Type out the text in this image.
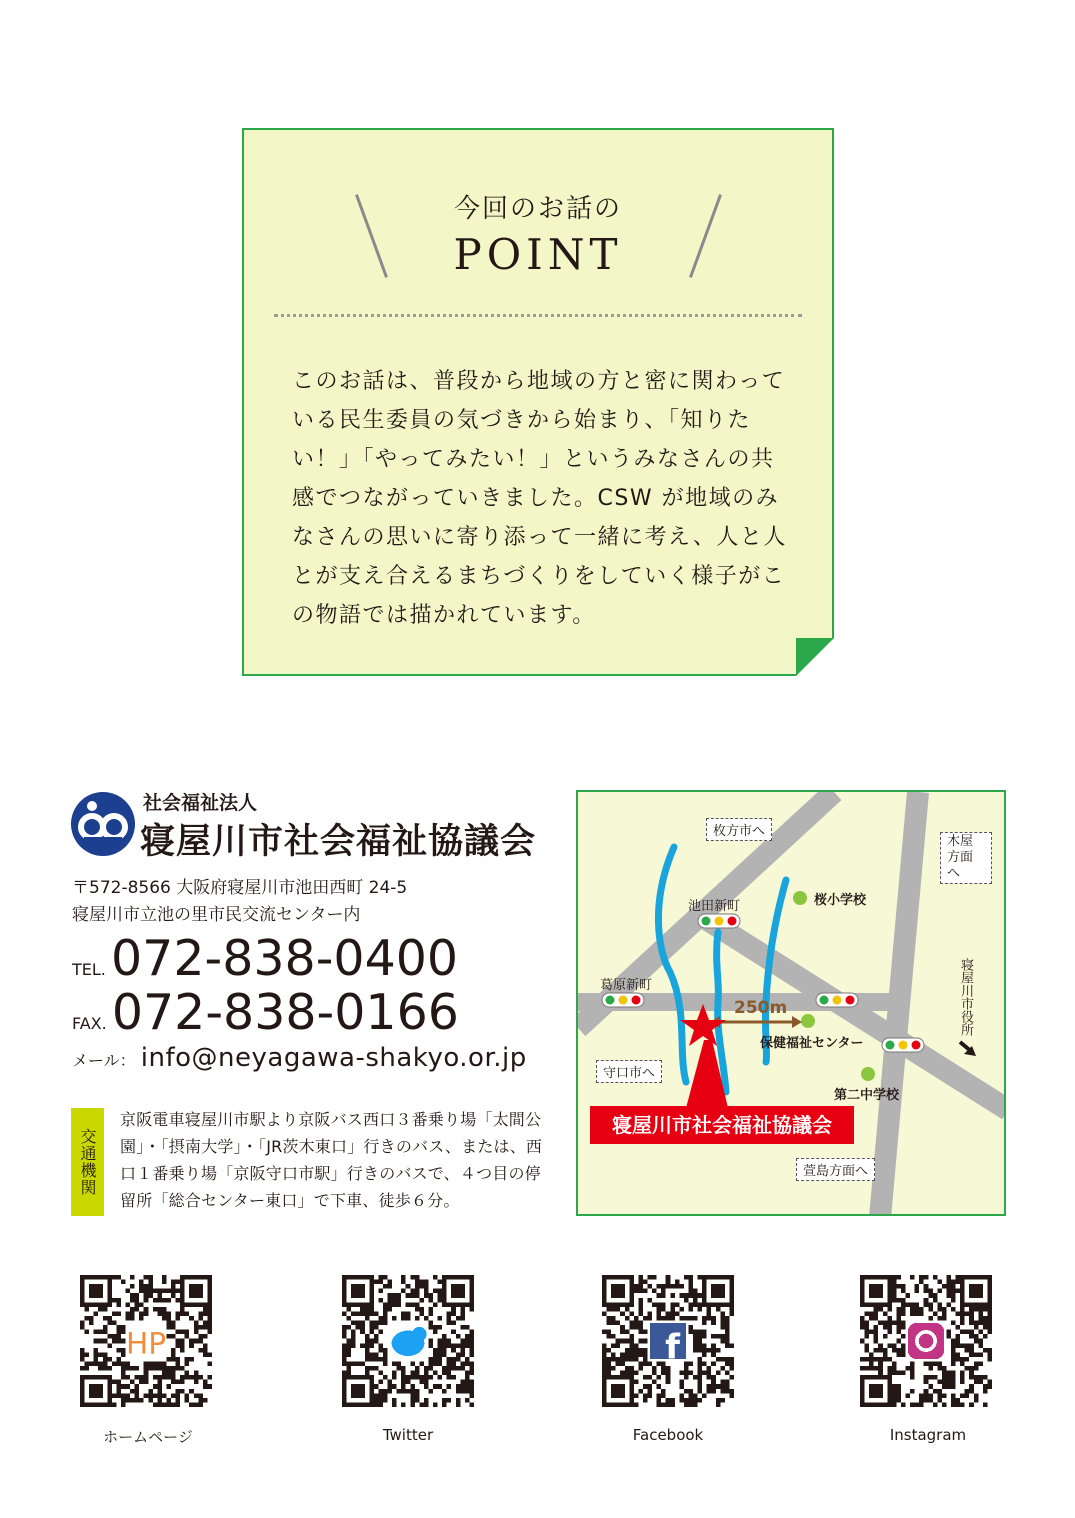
今回のお話の
POINT
このお話は、普段から地域の方と密に関わっている民生委員の気づきから始まり、「知りたい！」「やってみたい！」というみなさんの共感でつながっていきました。CSW が地域のみなさんの思いに寄り添って一緒に考え、人と人とが支え合えるまちづくりをしていく様子がこの物語では描かれています。
社会福祉法人
寝屋川市社会福祉協議会
〒572-8566 大阪府寝屋川市池田西町 24-5
寝屋川市立池の里市民交流センター内
TEL. 072-838-0400
FAX. 072-838-0166
メール： info@neyagawa-shakyo.or.jp
交通機関
京阪電車寝屋川市駅より京阪バス西口３番乗り場「太間公園」・「摂南大学」・「JR茨木東口」行きのバス、または、西口１番乗り場「京阪守口市駅」行きのバスで、４つ目の停留所「総合センター東口」で下車、徒歩６分。
枚方市へ
木屋方面へ
池田新町	桜小学校
葛原新町
250m
保健福祉センター
守口市へ
第二中学校
寝屋川市役所
寝屋川市社会福祉協議会
萱島方面へ
HP
ホームページ	Twitter
f
Facebook	Instagram
